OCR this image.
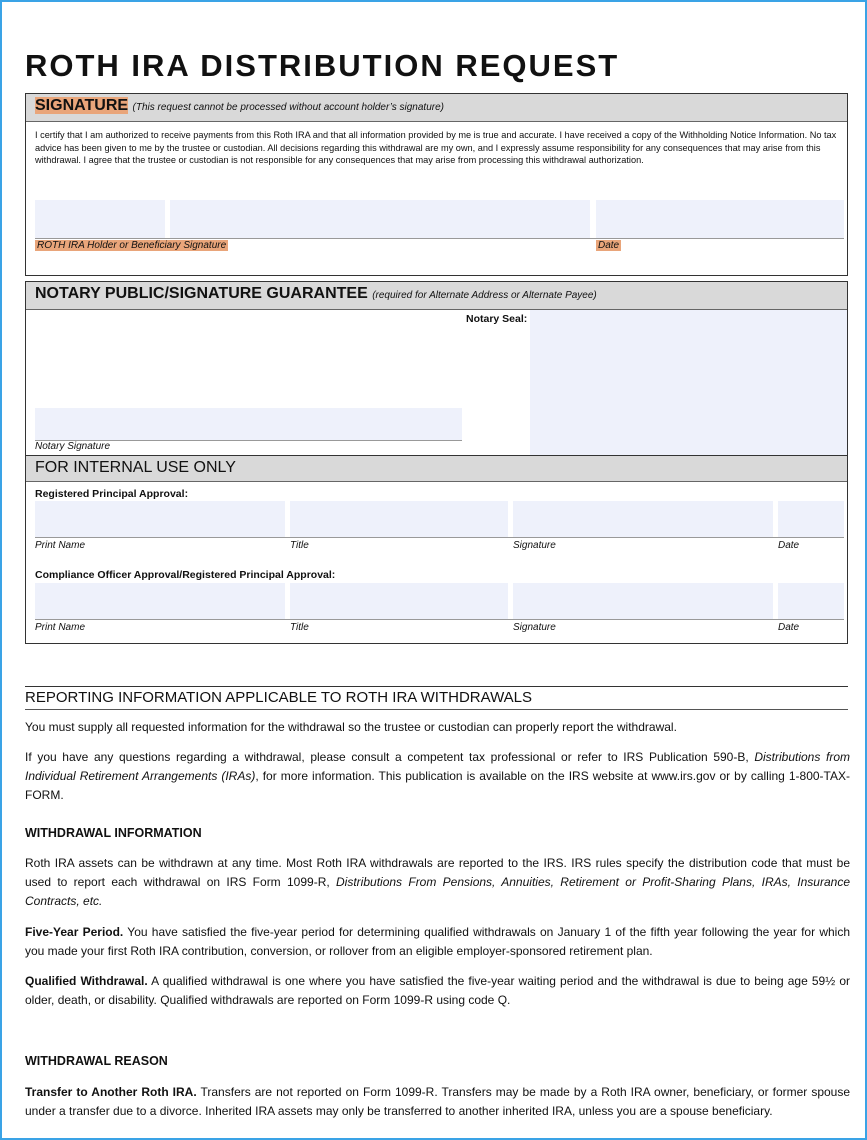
ROTH IRA DISTRIBUTION REQUEST
SIGNATURE (This request cannot be processed without account holder’s signature)
I certify that I am authorized to receive payments from this Roth IRA and that all information provided by me is true and accurate. I have received a copy of the Withholding Notice Information. No tax advice has been given to me by the trustee or custodian. All decisions regarding this withdrawal are my own, and I expressly assume responsibility for any consequences that may arise from this withdrawal. I agree that the trustee or custodian is not responsible for any consequences that may arise from processing this withdrawal authorization.
ROTH IRA Holder or Beneficiary Signature	Date
NOTARY PUBLIC/SIGNATURE GUARANTEE (required for Alternate Address or Alternate Payee)
Notary Seal:
Notary Signature
FOR INTERNAL USE ONLY
Registered Principal Approval:
Print Name	Title	Signature	Date
Compliance Officer Approval/Registered Principal Approval:
Print Name	Title	Signature	Date
REPORTING INFORMATION APPLICABLE TO ROTH IRA WITHDRAWALS
You must supply all requested information for the withdrawal so the trustee or custodian can properly report the withdrawal.
If you have any questions regarding a withdrawal, please consult a competent tax professional or refer to IRS Publication 590-B, Distributions from Individual Retirement Arrangements (IRAs), for more information. This publication is available on the IRS website at www.irs.gov or by calling 1-800-TAX-FORM.
WITHDRAWAL INFORMATION
Roth IRA assets can be withdrawn at any time. Most Roth IRA withdrawals are reported to the IRS. IRS rules specify the distribution code that must be used to report each withdrawal on IRS Form 1099-R, Distributions From Pensions, Annuities, Retirement or Profit-Sharing Plans, IRAs, Insurance Contracts, etc.
Five-Year Period. You have satisfied the five-year period for determining qualified withdrawals on January 1 of the fifth year following the year for which you made your first Roth IRA contribution, conversion, or rollover from an eligible employer-sponsored retirement plan.
Qualified Withdrawal. A qualified withdrawal is one where you have satisfied the five-year waiting period and the withdrawal is due to being age 59½ or older, death, or disability. Qualified withdrawals are reported on Form 1099-R using code Q.
WITHDRAWAL REASON
Transfer to Another Roth IRA. Transfers are not reported on Form 1099-R. Transfers may be made by a Roth IRA owner, beneficiary, or former spouse under a transfer due to a divorce. Inherited IRA assets may only be transferred to another inherited IRA, unless you are a spouse beneficiary.
